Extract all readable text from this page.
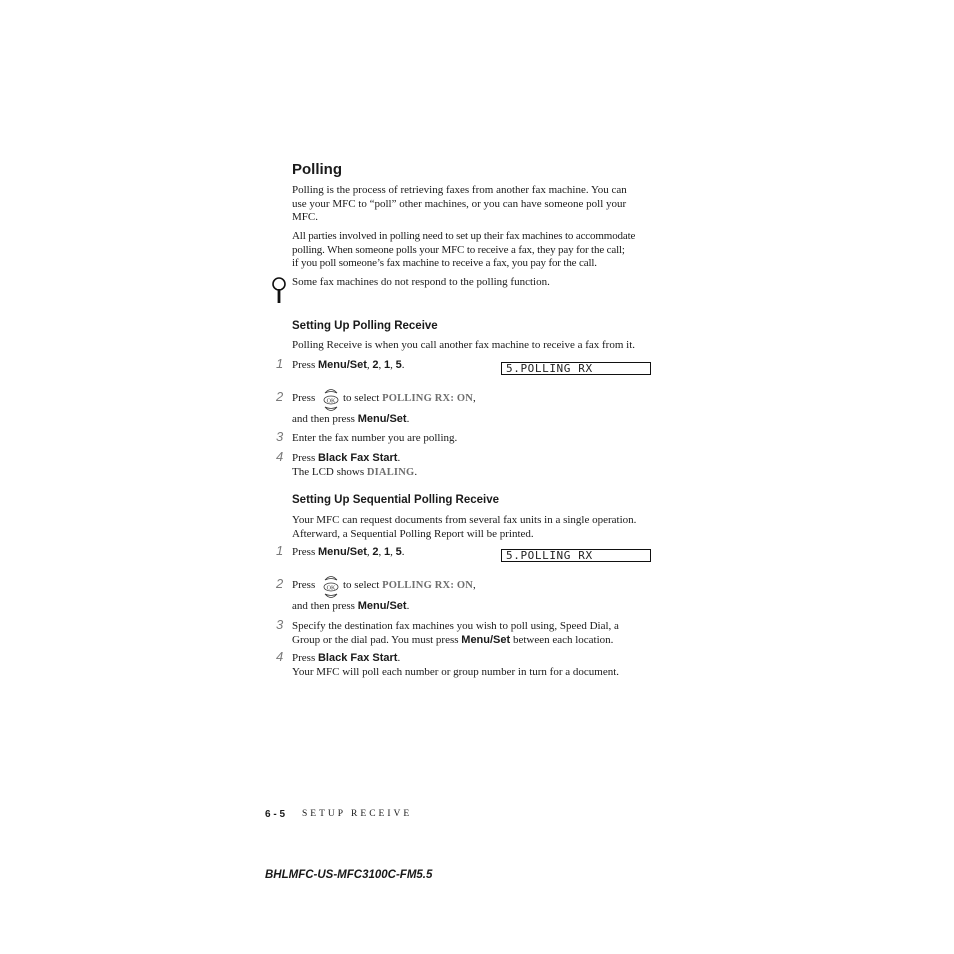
Polling
Polling is the process of retrieving faxes from another fax machine. You can
use your MFC to “poll” other machines, or you can have someone poll your
MFC.
All parties involved in polling need to set up their fax machines to accommodate
polling. When someone polls your MFC to receive a fax, they pay for the call;
if you poll someone’s fax machine to receive a fax, you pay for the call.
Some fax machines do not respond to the polling function.
Setting Up Polling Receive
Polling Receive is when you call another fax machine to receive a fax from it.
1 Press Menu/Set, 2, 1, 5.	5.POLLING RX
2 Press OK to select POLLING RX: ON,
and then press Menu/Set.
3 Enter the fax number you are polling.
4 Press Black Fax Start.
The LCD shows DIALING.
Setting Up Sequential Polling Receive
Your MFC can request documents from several fax units in a single operation.
Afterward, a Sequential Polling Report will be printed.
1 Press Menu/Set, 2, 1, 5.	5.POLLING RX
2 Press OK to select POLLING RX: ON,
and then press Menu/Set.
3 Specify the destination fax machines you wish to poll using, Speed Dial, a
Group or the dial pad. You must press Menu/Set between each location.
4 Press Black Fax Start.
Your MFC will poll each number or group number in turn for a document.
6 - 5 SETUP RECEIVE
BHLMFC-US-MFC3100C-FM5.5
